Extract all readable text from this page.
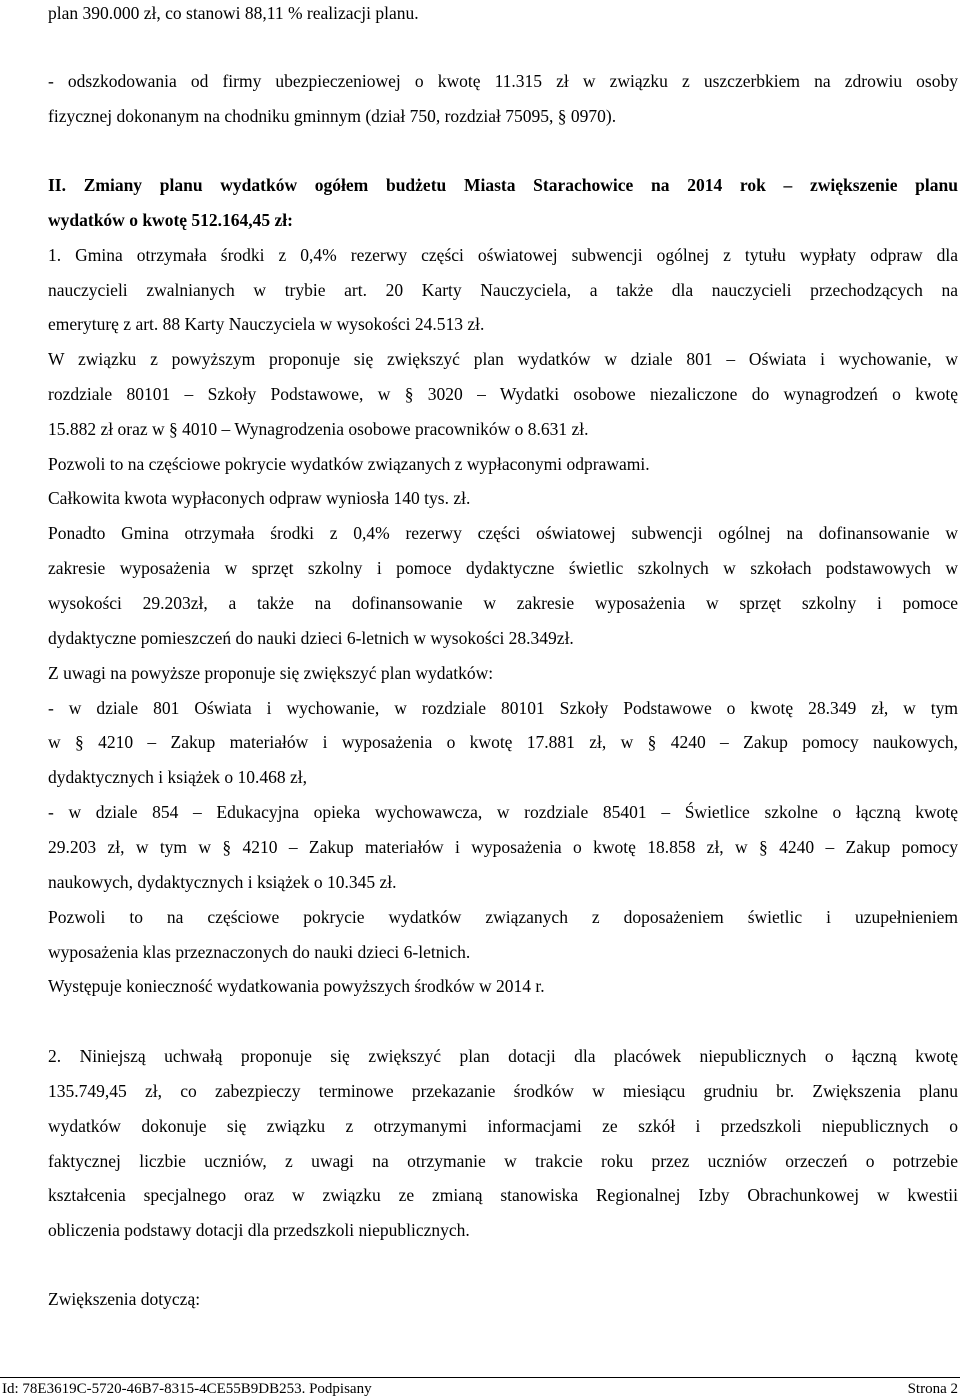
plan 390.000 zł, co stanowi 88,11 % realizacji planu.

- odszkodowania od firmy ubezpieczeniowej o kwotę 11.315 zł w związku z uszczerbkiem na zdrowiu osoby

fizycznej dokonanym na chodniku gminnym (dział 750, rozdział 75095, § 0970).

II. Zmiany planu wydatków ogółem budżetu Miasta Starachowice na 2014 rok – zwiększenie planu

wydatków o kwotę 512.164,45 zł:

1. Gmina otrzymała środki z 0,4% rezerwy części oświatowej subwencji ogólnej z tytułu wypłaty odpraw dla

nauczycieli zwalnianych w trybie art. 20 Karty Nauczyciela, a także dla nauczycieli przechodzących na

emeryturę z art. 88 Karty Nauczyciela w wysokości 24.513 zł.

W związku z powyższym proponuje się zwiększyć plan wydatków w dziale 801 – Oświata i wychowanie, w

rozdziale 80101 – Szkoły Podstawowe, w § 3020 – Wydatki osobowe niezaliczone do wynagrodzeń o kwotę

15.882 zł oraz w § 4010 – Wynagrodzenia osobowe pracowników o 8.631 zł.

Pozwoli to na częściowe pokrycie wydatków związanych z wypłaconymi odprawami.

Całkowita kwota wypłaconych odpraw wyniosła 140 tys. zł.

Ponadto Gmina otrzymała środki z 0,4% rezerwy części oświatowej subwencji ogólnej na dofinansowanie w

zakresie wyposażenia w sprzęt szkolny i pomoce dydaktyczne świetlic szkolnych w szkołach podstawowych w

wysokości 29.203zł, a także na dofinansowanie w zakresie wyposażenia w sprzęt szkolny i pomoce

dydaktyczne pomieszczeń do nauki dzieci 6-letnich w wysokości 28.349zł.

Z uwagi na powyższe proponuje się zwiększyć plan wydatków:

- w dziale 801 Oświata i wychowanie, w rozdziale 80101 Szkoły Podstawowe o kwotę 28.349 zł, w tym

w § 4210 – Zakup materiałów i wyposażenia o kwotę 17.881 zł, w § 4240 – Zakup pomocy naukowych,

dydaktycznych i książek o 10.468 zł,

- w dziale 854 – Edukacyjna opieka wychowawcza, w rozdziale 85401 – Świetlice szkolne o łączną kwotę

29.203 zł, w tym w § 4210 – Zakup materiałów i wyposażenia o kwotę 18.858 zł, w § 4240 – Zakup pomocy

naukowych, dydaktycznych i książek o 10.345 zł.

Pozwoli to na częściowe pokrycie wydatków związanych z doposażeniem świetlic i uzupełnieniem

wyposażenia klas przeznaczonych do nauki dzieci 6-letnich.

Występuje konieczność wydatkowania powyższych środków w 2014 r.

2. Niniejszą uchwałą proponuje się zwiększyć plan dotacji dla placówek niepublicznych o łączną kwotę

135.749,45 zł, co zabezpieczy terminowe przekazanie środków w miesiącu grudniu br. Zwiększenia planu

wydatków dokonuje się związku z otrzymanymi informacjami ze szkół i przedszkoli niepublicznych o

faktycznej liczbie uczniów, z uwagi na otrzymanie w trakcie roku przez uczniów orzeczeń o potrzebie

kształcenia specjalnego oraz w związku ze zmianą stanowiska Regionalnej Izby Obrachunkowej w kwestii

obliczenia podstawy dotacji dla przedszkoli niepublicznych.

Zwiększenia dotyczą:

Id: 78E3619C-5720-46B7-8315-4CE55B9DB253. Podpisany	Strona 2
